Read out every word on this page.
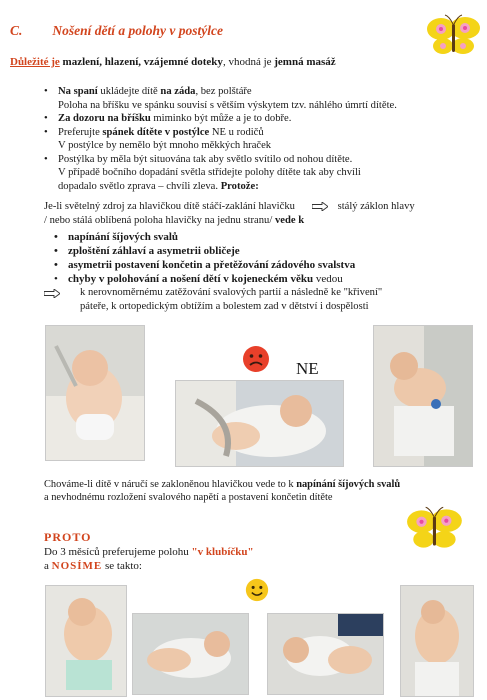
C. Nošení dětí a polohy v postýlce
Důležité je mazlení, hlazení, vzájemné doteky, vhodná je jemná masáž
• Na spaní ukládejte dítě na záda, bez polštáře
Poloha na bříšku ve spánku souvisí s větším výskytem tzv. náhlého úmrtí dítěte.
• Za dozoru na bříšku miminko být může a je to dobře.
• Preferujte spánek dítěte v postýlce NE u rodičů
V postýlce by nemělo být mnoho měkkých hraček
• Postýlka by měla být situována tak aby světlo svítilo od nohou dítěte.
V případě bočního dopadání světla střídejte polohy dítěte tak aby chvíli
dopadalo světlo zprava – chvíli zleva. Protože:
Je-li světelný zdroj za hlavičkou dítě stáčí-zaklání hlavičku	stálý záklon hlavy
/ nebo stálá oblíbená poloha hlavičky na jednu stranu/ vede k
• napínání šíjových svalů
• zploštění záhlaví a asymetrii obličeje
• asymetrii postavení končetin a přetěžování zádového svalstva
• chyby v polohování a nošení dětí v kojeneckém věku vedou
k nerovnoměrnému zatěžování svalových partií a následně ke "křivení"
páteře, k ortopedickým obtížím a bolestem zad v dětství i dospělosti
NE
Chováme-li dítě v náručí se zakloněnou hlavičkou vede to k napínání šíjových svalů
a nevhodnému rozložení svalového napětí a postavení končetin dítěte
PROTO
Do 3 měsíců preferujeme polohu "v klubíčku"
a NOSÍME se takto:
